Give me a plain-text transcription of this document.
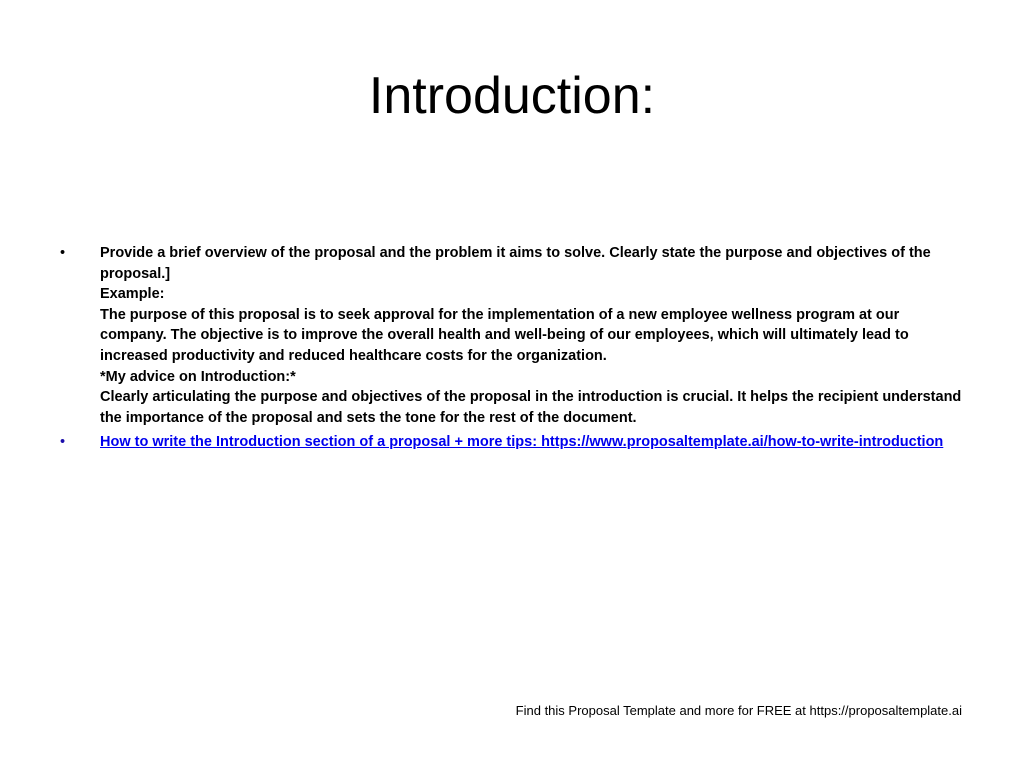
Introduction:
• Provide a brief overview of the proposal and the problem it aims to solve. Clearly state the purpose and objectives of the proposal.]
Example:
The purpose of this proposal is to seek approval for the implementation of a new employee wellness program at our company. The objective is to improve the overall health and well-being of our employees, which will ultimately lead to increased productivity and reduced healthcare costs for the organization.
*My advice on Introduction:*
Clearly articulating the purpose and objectives of the proposal in the introduction is crucial. It helps the recipient understand the importance of the proposal and sets the tone for the rest of the document.
• How to write the Introduction section of a proposal + more tips: https://www.proposaltemplate.ai/how-to-write-introduction
Find this Proposal Template and more for FREE at https://proposaltemplate.ai
